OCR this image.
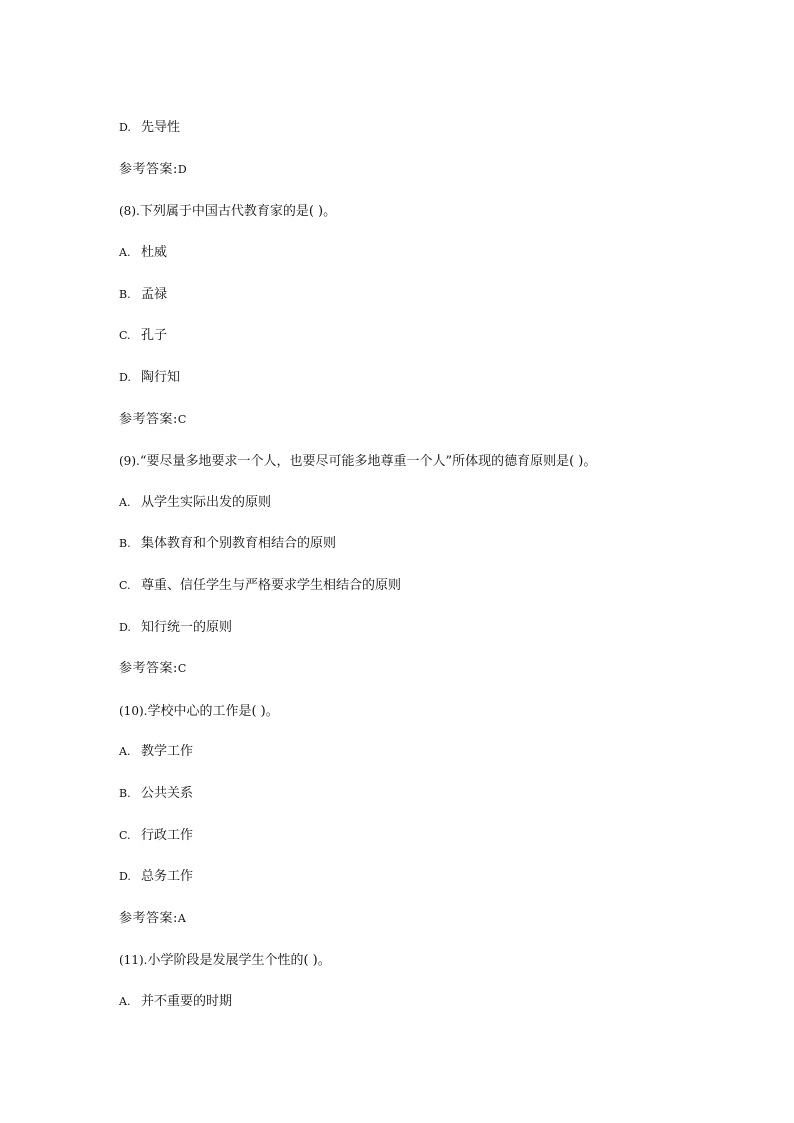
D. 先导性
参考答案:D
(8).下列属于中国古代教育家的是( )。
A. 杜威
B. 孟禄
C. 孔子
D. 陶行知
参考答案:C
(9).“要尽量多地要求一个人，也要尽可能多地尊重一个人”所体现的德育原则是( )。
A. 从学生实际出发的原则
B. 集体教育和个别教育相结合的原则
C. 尊重、信任学生与严格要求学生相结合的原则
D. 知行统一的原则
参考答案:C
(10).学校中心的工作是( )。
A. 教学工作
B. 公共关系
C. 行政工作
D. 总务工作
参考答案:A
(11).小学阶段是发展学生个性的( )。
A. 并不重要的时期
